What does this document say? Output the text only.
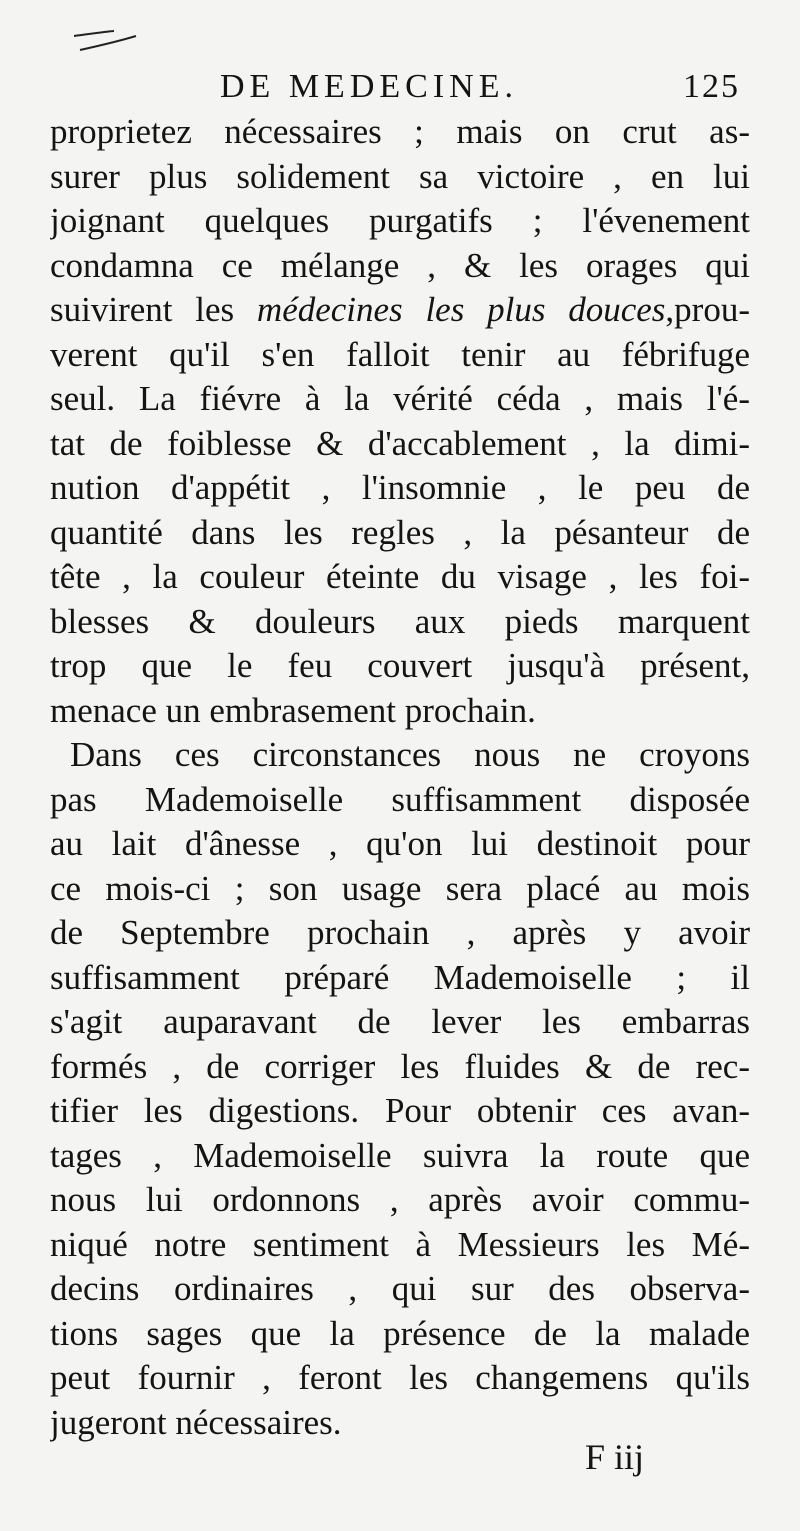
DE MEDECINE.	125
proprietez nécessaires ; mais on crut as-
surer plus solidement sa victoire , en lui
joignant quelques purgatifs ; l'évenement
condamna ce mélange , & les orages qui
suivirent les médecines les plus douces,prou-
verent qu'il s'en falloit tenir au fébrifuge
seul. La fiévre à la vérité céda , mais l'é-
tat de foiblesse & d'accablement , la dimi-
nution d'appétit , l'insomnie , le peu de
quantité dans les regles , la pésanteur de
tête , la couleur éteinte du visage , les foi-
blesses & douleurs aux pieds marquent
trop que le feu couvert jusqu'à présent,
menace un embrasement prochain.
Dans ces circonstances nous ne croyons
pas Mademoiselle suffisamment disposée
au lait d'ânesse , qu'on lui destinoit pour
ce mois-ci ; son usage sera placé au mois
de Septembre prochain , après y avoir
suffisamment préparé Mademoiselle ; il
s'agit auparavant de lever les embarras
formés , de corriger les fluides & de rec-
tifier les digestions. Pour obtenir ces avan-
tages , Mademoiselle suivra la route que
nous lui ordonnons , après avoir commu-
niqué notre sentiment à Messieurs les Mé-
decins ordinaires , qui sur des observa-
tions sages que la présence de la malade
peut fournir , feront les changemens qu'ils
jugeront nécessaires.
F iij
